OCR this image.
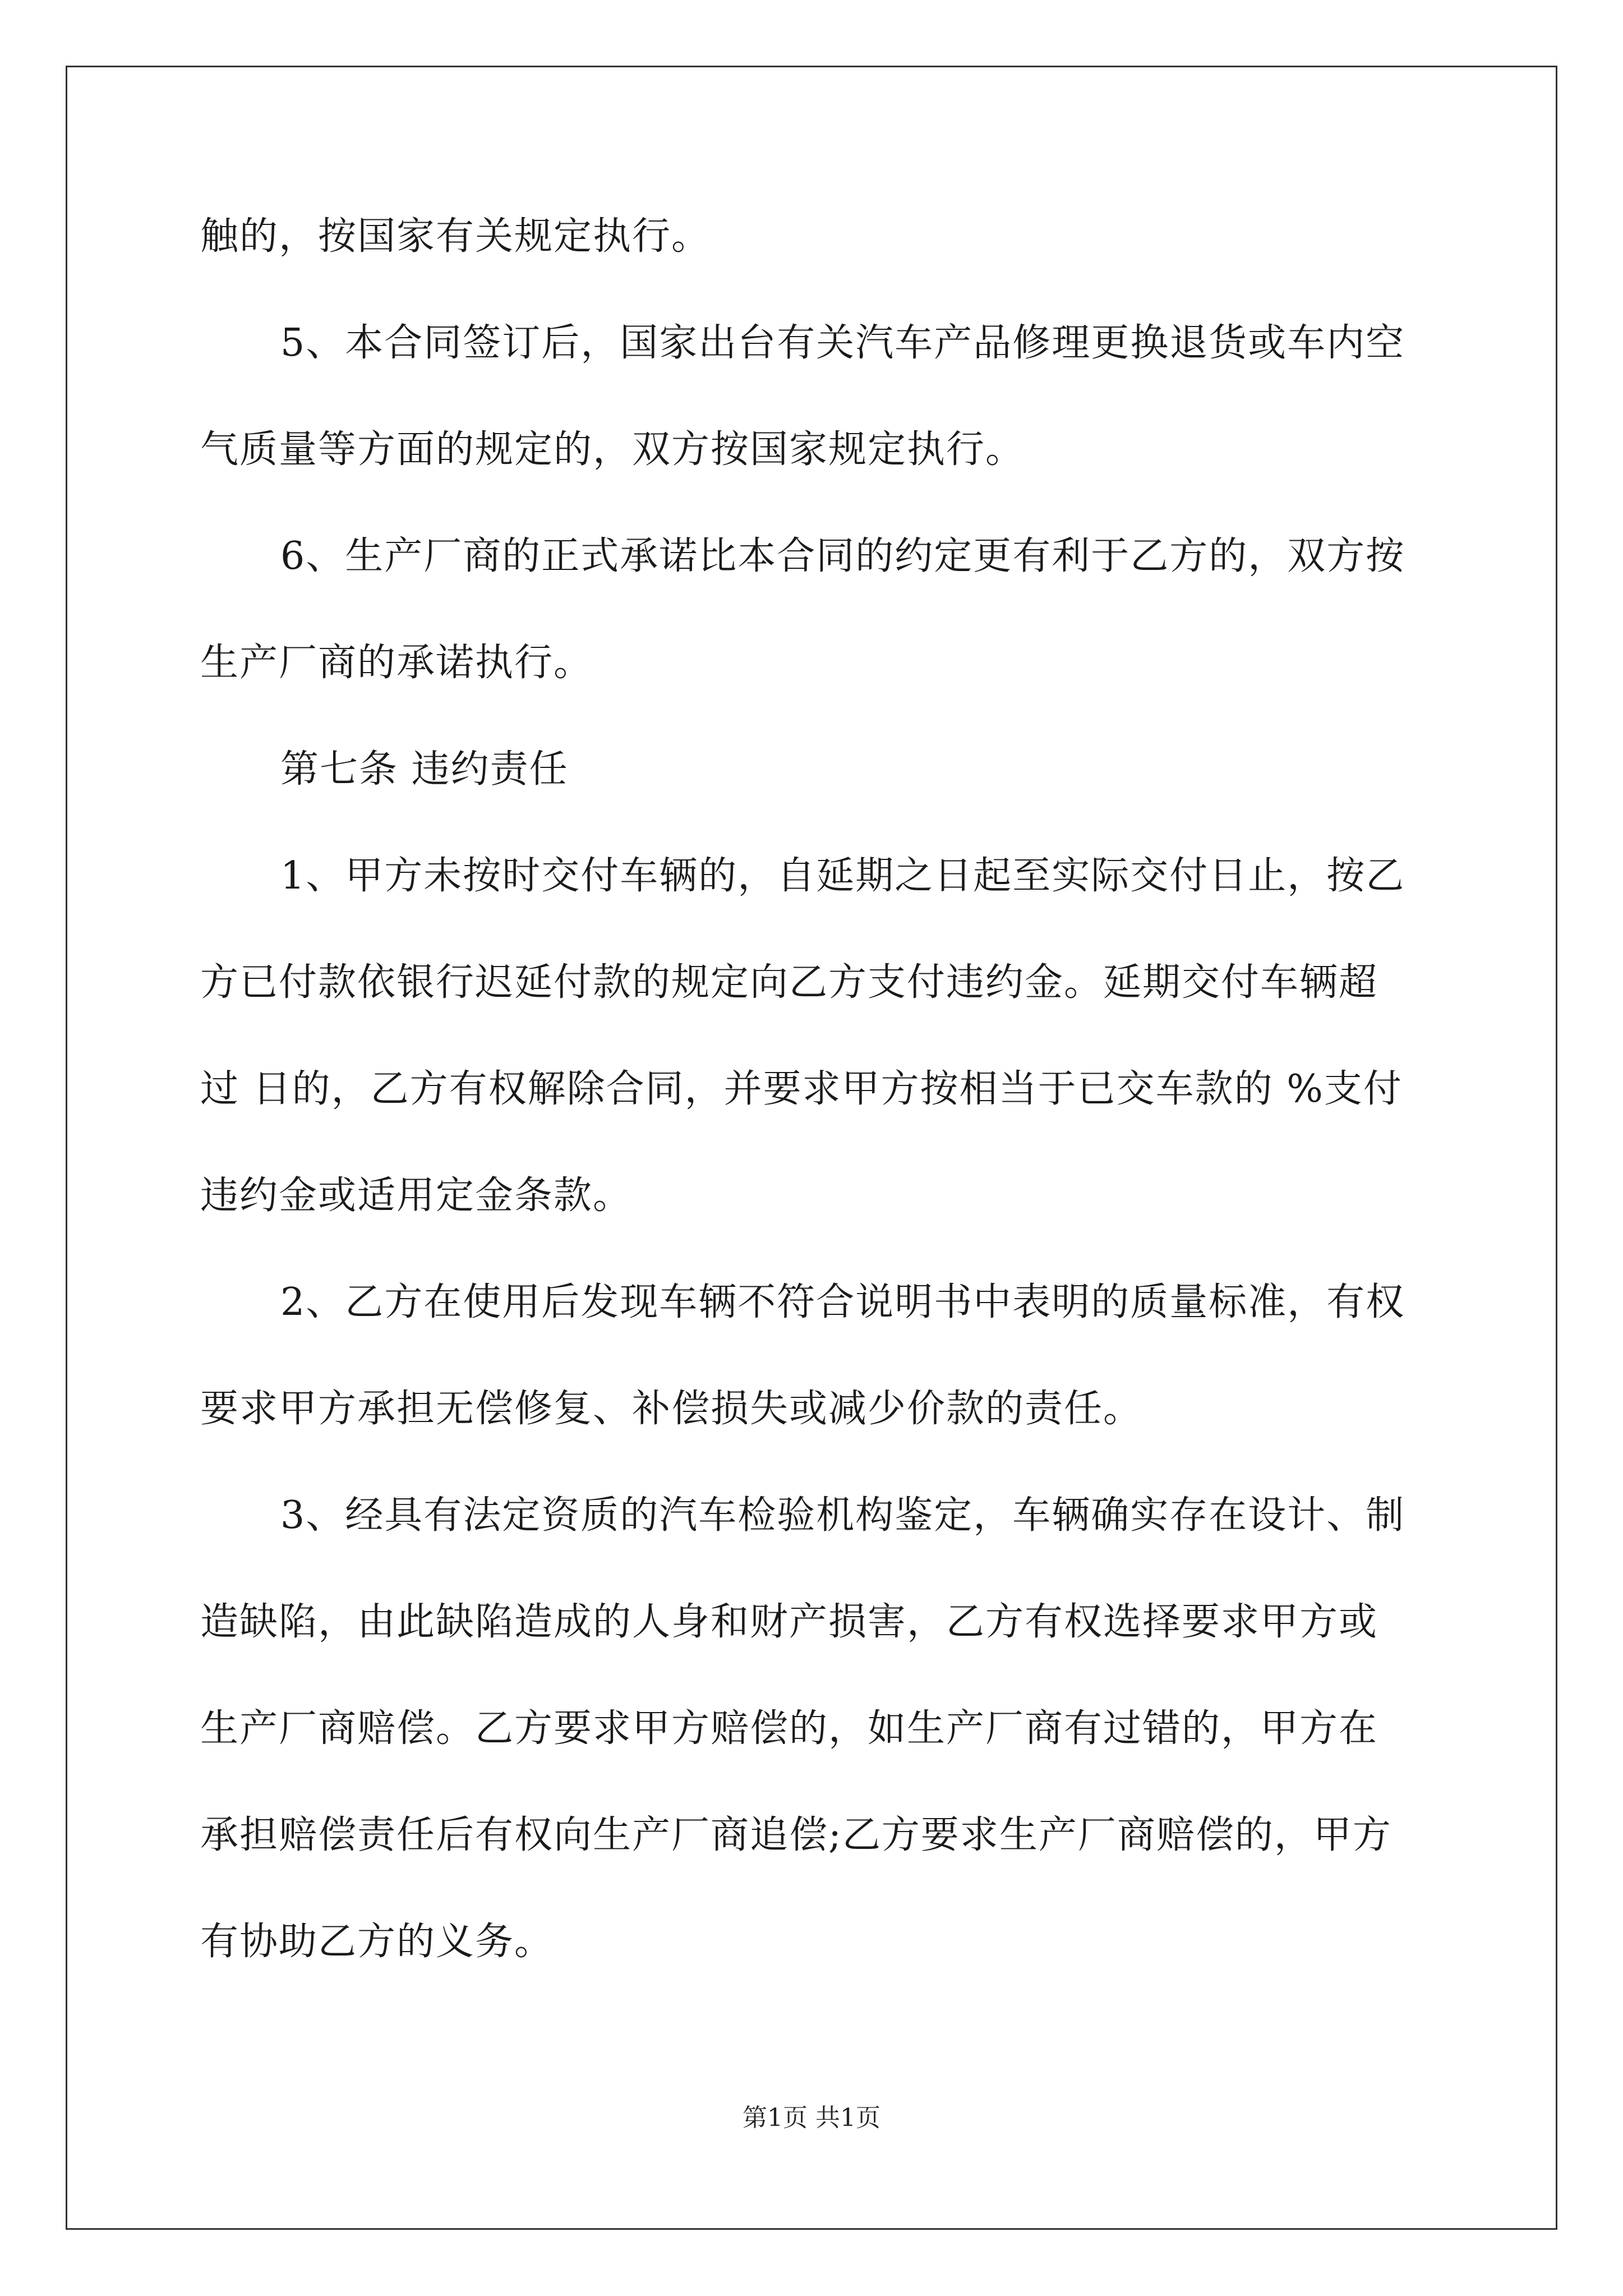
触的，按国家有关规定执行。
5、本合同签订后，国家出台有关汽车产品修理更换退货或车内空
气质量等方面的规定的，双方按国家规定执行。
6、生产厂商的正式承诺比本合同的约定更有利于乙方的，双方按
生产厂商的承诺执行。
第七条 违约责任
1、甲方未按时交付车辆的，自延期之日起至实际交付日止，按乙
方已付款依银行迟延付款的规定向乙方支付违约金。延期交付车辆超
过 日的，乙方有权解除合同，并要求甲方按相当于已交车款的 %支付
违约金或适用定金条款。
2、乙方在使用后发现车辆不符合说明书中表明的质量标准，有权
要求甲方承担无偿修复、补偿损失或减少价款的责任。
3、经具有法定资质的汽车检验机构鉴定，车辆确实存在设计、制
造缺陷，由此缺陷造成的人身和财产损害，乙方有权选择要求甲方或
生产厂商赔偿。乙方要求甲方赔偿的，如生产厂商有过错的，甲方在
承担赔偿责任后有权向生产厂商追偿;乙方要求生产厂商赔偿的，甲方
有协助乙方的义务。
第1页 共1页
